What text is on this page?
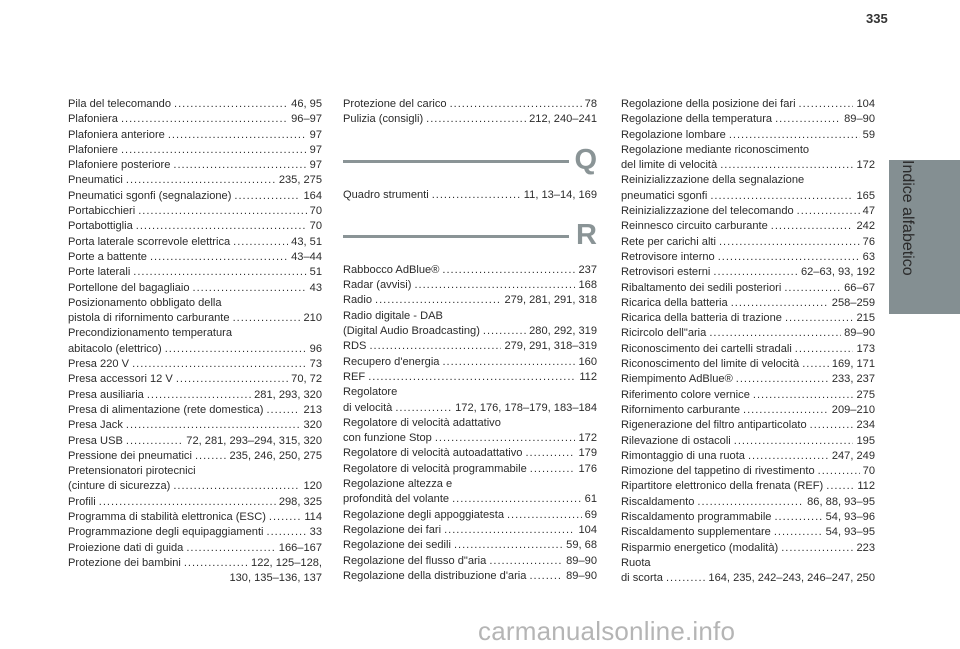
335
Pila del telecomando . . .	46, 95
Plafoniera . . .	96–97
Plafoniera anteriore . . .	97
Plafoniere . . .	97
Plafoniere posteriore . . .	97
Pneumatici . . .	235, 275
Pneumatici sgonfi (segnalazione) . . .	164
Portabicchieri . . .	70
Portabottiglia . . .	70
Porta laterale scorrevole elettrica . . .	43, 51
Porte a battente . . .	43–44
Porte laterali . . .	51
Portellone del bagagliaio . . .	43
Posizionamento obbligato della
pistola di rifornimento carburante . . .	210
Precondizionamento temperatura
abitacolo (elettrico) . . .	96
Presa 220 V . . .	73
Presa accessori 12 V . . .	70, 72
Presa ausiliaria . . .	281, 293, 320
Presa di alimentazione (rete domestica) . . .	213
Presa Jack . . .	320
Presa USB . . .	72, 281, 293–294, 315, 320
Pressione dei pneumatici . . .	235, 246, 250, 275
Pretensionatori pirotecnici
(cinture di sicurezza) . . .	120
Profili . . .	298, 325
Programma di stabilità elettronica (ESC) . . .	114
Programmazione degli equipaggiamenti . . .	33
Proiezione dati di guida . . .	166–167
Protezione dei bambini . . .	122, 125–128,
130, 135–136, 137
Protezione del carico . . .	78
Pulizia (consigli) . . .	212, 240–241
Q
Quadro strumenti . . .	11, 13–14, 169
R
Rabbocco AdBlue® . . .	237
Radar (avvisi) . . .	168
Radio . . .	279, 281, 291, 318
Radio digitale - DAB
(Digital Audio Broadcasting) . . .	280, 292, 319
RDS . . .	279, 291, 318–319
Recupero d'energia . . .	160
REF . . .	112
Regolatore
di velocità . . .	172, 176, 178–179, 183–184
Regolatore di velocità adattativo
con funzione Stop . . .	172
Regolatore di velocità autoadattativo . . .	179
Regolatore di velocità programmabile . . .	176
Regolazione altezza e
profondità del volante . . .	61
Regolazione degli appoggiatesta . . .	69
Regolazione dei fari . . .	104
Regolazione dei sedili . . .	59, 68
Regolazione del flusso d"aria . . .	89–90
Regolazione della distribuzione d'aria . . .	89–90
Regolazione della posizione dei fari . . .	104
Regolazione della temperatura . . .	89–90
Regolazione lombare . . .	59
Regolazione mediante riconoscimento
del limite di velocità . . .	172
Reinizializzazione della segnalazione
pneumatici sgonfi . . .	165
Reinizializzazione del telecomando . . .	47
Reinnesco circuito carburante . . .	242
Rete per carichi alti . . .	76
Retrovisore interno . . .	63
Retrovisori esterni . . .	62–63, 93, 192
Ribaltamento dei sedili posteriori . . .	66–67
Ricarica della batteria . . .	258–259
Ricarica della batteria di trazione . . .	215
Ricircolo dell"aria . . .	89–90
Riconoscimento dei cartelli stradali . . .	173
Riconoscimento del limite di velocità . . .	169, 171
Riempimento AdBlue® . . .	233, 237
Riferimento colore vernice . . .	275
Rifornimento carburante . . .	209–210
Rigenerazione del filtro antiparticolato . . .	234
Rilevazione di ostacoli . . .	195
Rimontaggio di una ruota . . .	247, 249
Rimozione del tappetino di rivestimento . . .	70
Ripartitore elettronico della frenata (REF) . . .	112
Riscaldamento . . .	86, 88, 93–95
Riscaldamento programmabile . . .	54, 93–96
Riscaldamento supplementare . . .	54, 93–95
Risparmio energetico (modalità) . . .	223
Ruota
di scorta . . .	164, 235, 242–243, 246–247, 250
Indice alfabetico
carmanualsonline.info
